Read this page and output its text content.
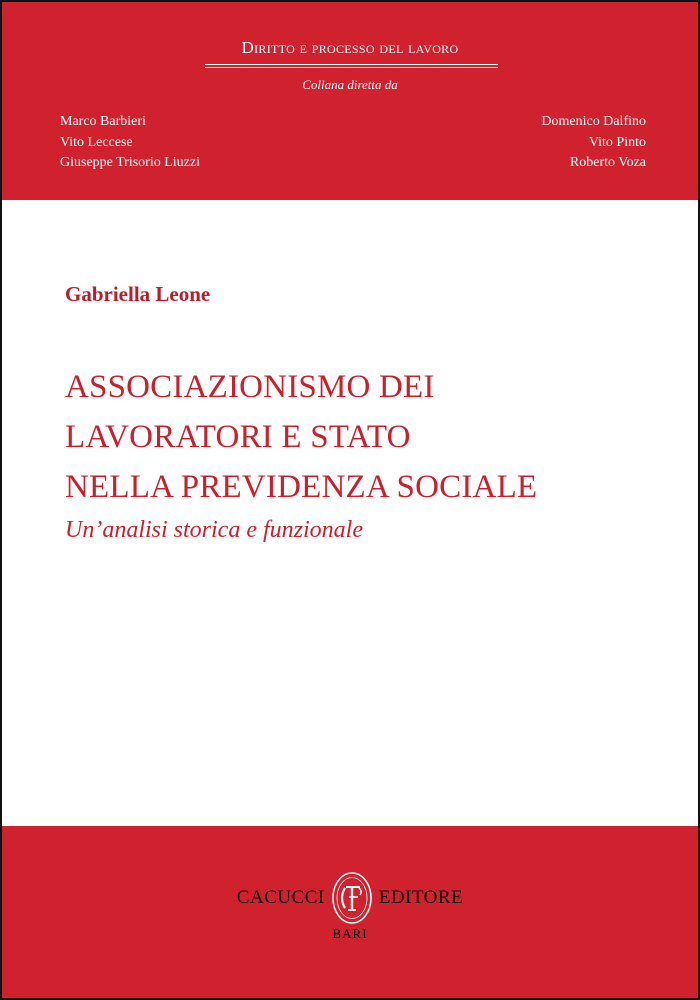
Diritto e processo del lavoro
Collana diretta da
Marco Barbieri
Vito Leccese
Giuseppe Trisorio Liuzzi
Domenico Dalfino
Vito Pinto
Roberto Voza
Gabriella Leone
ASSOCIAZIONISMO DEI
LAVORATORI E STATO
NELLA PREVIDENZA SOCIALE
Un’analisi storica e funzionale
CACUCCI	EDITORE
BARI
